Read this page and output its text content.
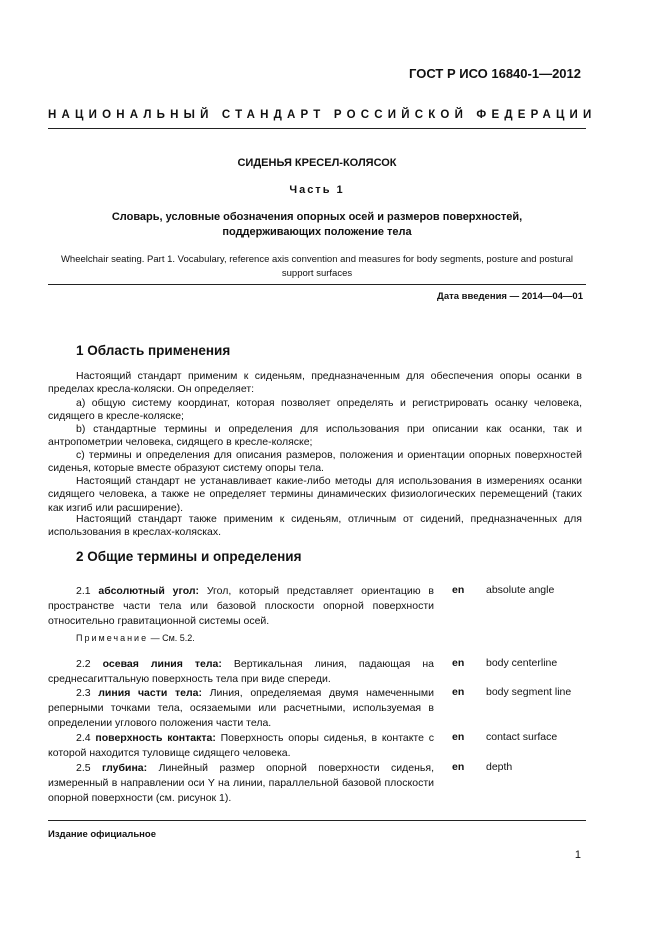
ГОСТ Р ИСО 16840-1—2012
НАЦИОНАЛЬНЫЙ СТАНДАРТ РОССИЙСКОЙ ФЕДЕРАЦИИ
СИДЕНЬЯ КРЕСЕЛ-КОЛЯСОК
Часть 1
Словарь, условные обозначения опорных осей и размеров поверхностей, поддерживающих положение тела
Wheelchair seating. Part 1. Vocabulary, reference axis convention and measures for body segments, posture and postural support surfaces
Дата введения — 2014—04—01
1 Область применения
Настоящий стандарт применим к сиденьям, предназначенным для обеспечения опоры осанки в пределах кресла-коляски. Он определяет:
а) общую систему координат, которая позволяет определять и регистрировать осанку человека, сидящего в кресле-коляске;
b) стандартные термины и определения для использования при описании как осанки, так и антропометрии человека, сидящего в кресле-коляске;
c) термины и определения для описания размеров, положения и ориентации опорных поверхностей сиденья, которые вместе образуют систему опоры тела.
Настоящий стандарт не устанавливает какие-либо методы для использования в измерениях осанки сидящего человека, а также не определяет термины динамических физиологических перемещений (таких как изгиб или расширение).
Настоящий стандарт также применим к сиденьям, отличным от сидений, предназначенных для использования в креслах-колясках.
2 Общие термины и определения
2.1 абсолютный угол: Угол, который представляет ориентацию в пространстве части тела или базовой плоскости опорной поверхности относительно гравитационной системы осей.
en absolute angle
Примечание — См. 5.2.
2.2 осевая линия тела: Вертикальная линия, падающая на среднесагиттальную поверхность тела при виде спереди.
en body centerline
2.3 линия части тела: Линия, определяемая двумя намеченными реперными точками тела, осязаемыми или расчетными, используемая в определении углового положения части тела.
en body segment line
2.4 поверхность контакта: Поверхность опоры сиденья, в контакте с которой находится туловище сидящего человека.
en contact surface
2.5 глубина: Линейный размер опорной поверхности сиденья, измеренный в направлении оси Y на линии, параллельной базовой плоскости опорной поверхности (см. рисунок 1).
en depth
Издание официальное
1
